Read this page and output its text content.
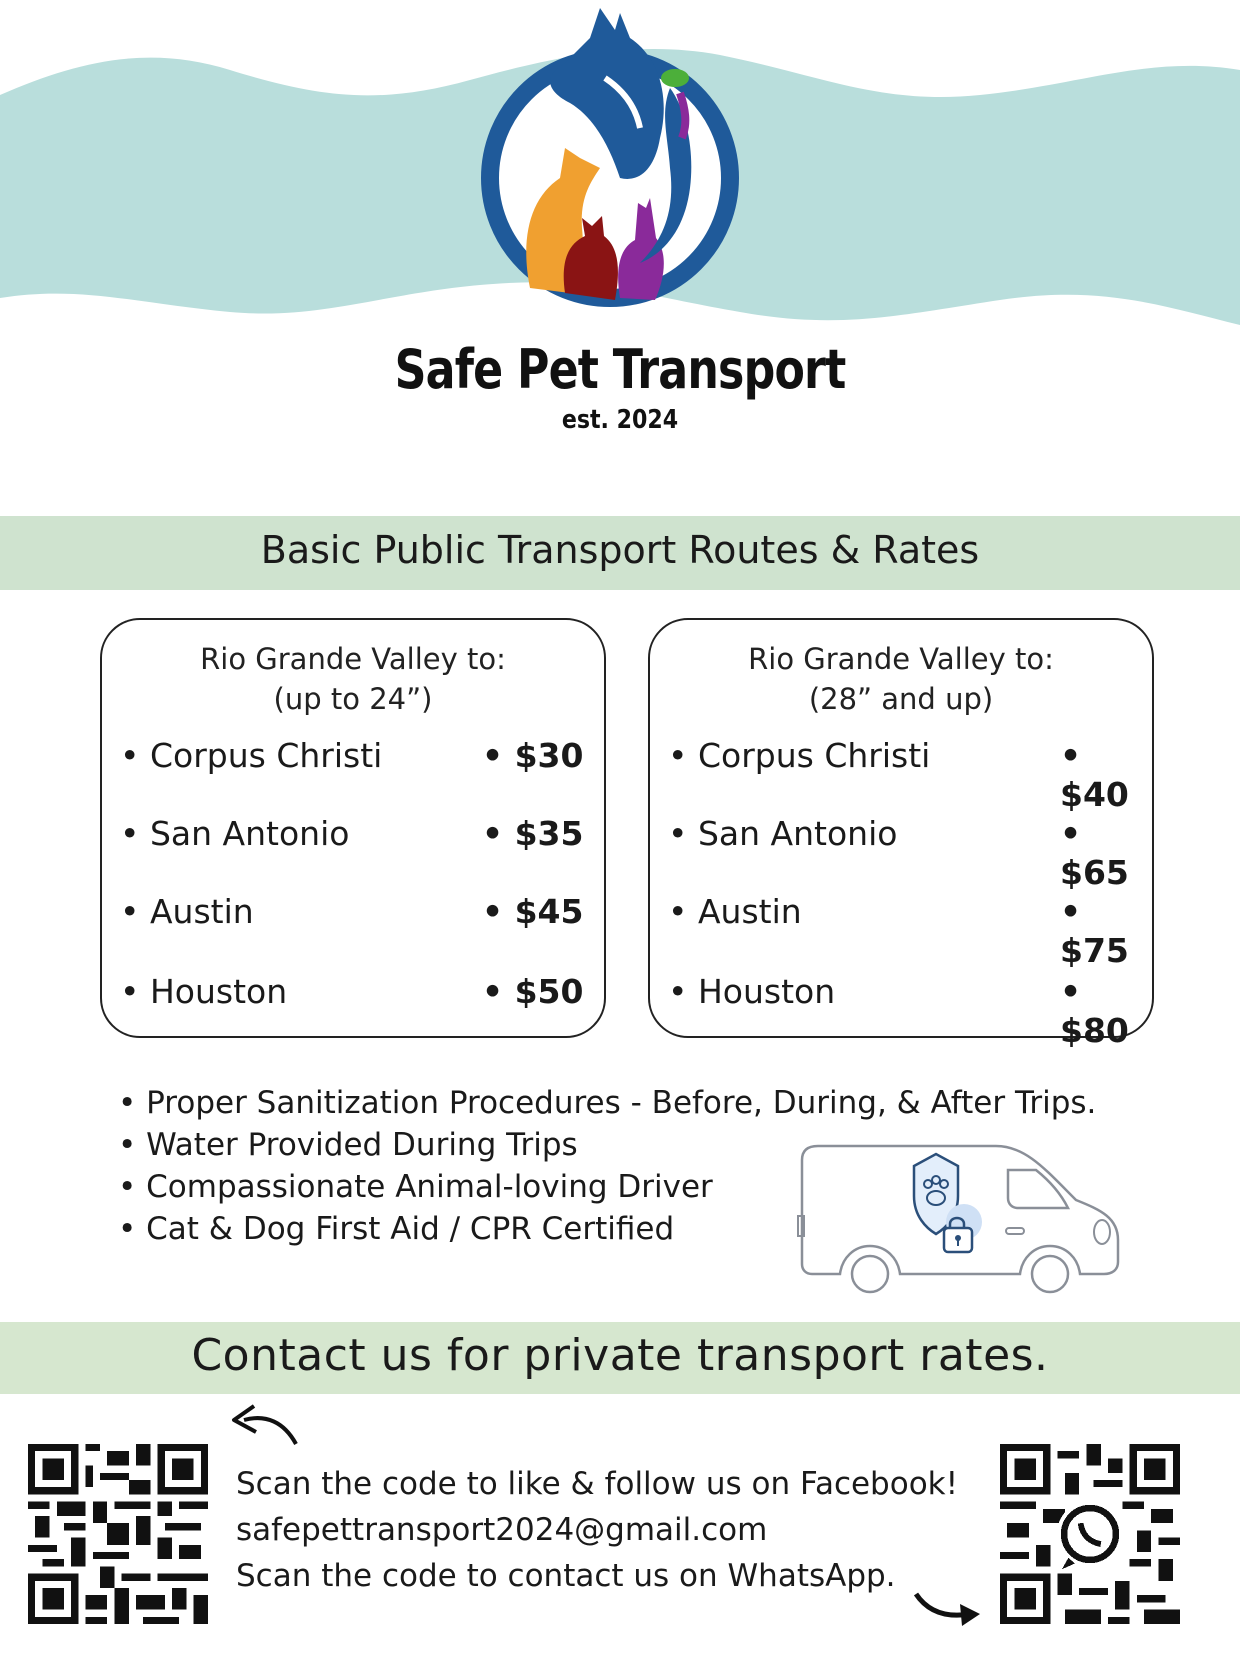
Safe Pet Transport
est. 2024
Basic Public Transport Routes & Rates
Rio Grande Valley to:
(up to 24”)
• Corpus Christi	• $30
• San Antonio	• $35
• Austin	• $45
• Houston	• $50
Rio Grande Valley to:
(28” and up)
• Corpus Christi	• $40
• San Antonio	• $65
• Austin	• $75
• Houston	• $80
• Proper Sanitization Procedures - Before, During, & After Trips.
• Water Provided During Trips
• Compassionate Animal-loving Driver
• Cat & Dog First Aid / CPR Certified
Contact us for private transport rates.
Scan the code to like & follow us on Facebook!
safepettransport2024@gmail.com
Scan the code to contact us on WhatsApp.
